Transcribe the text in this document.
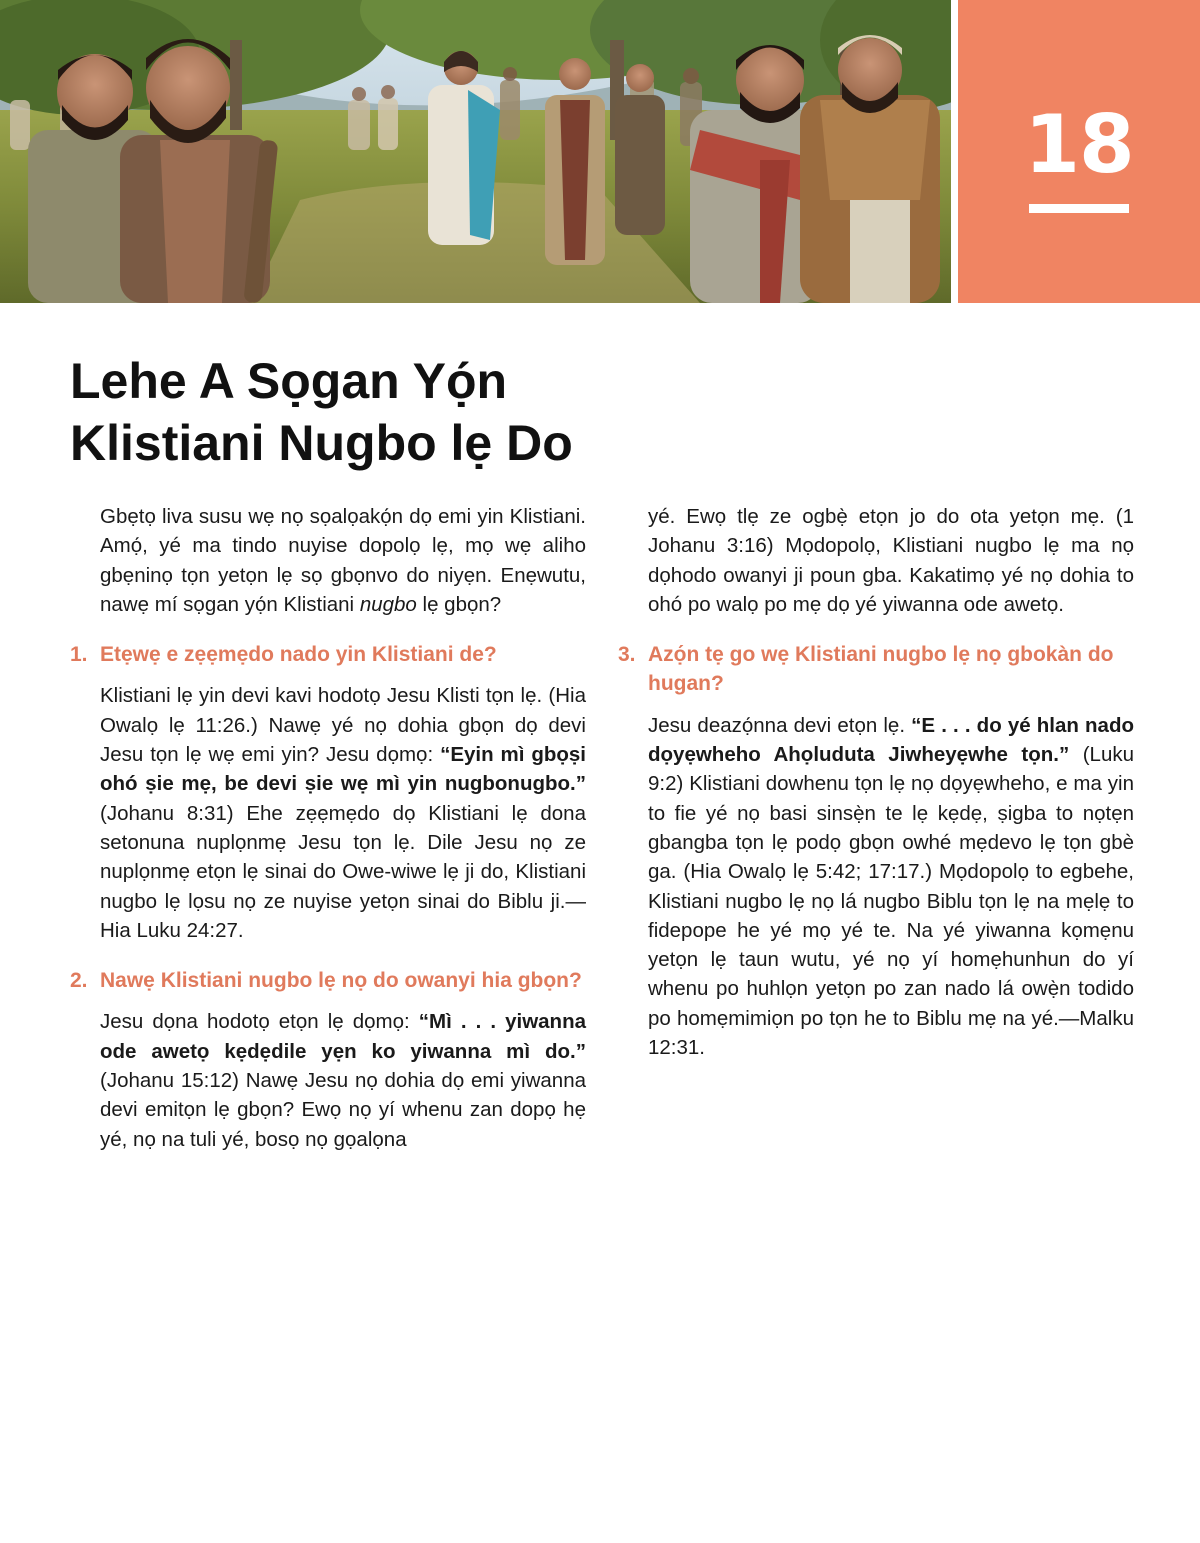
18
Lehe A Sọgan Yọ́n
Klistiani Nugbo lẹ Do

Gbẹtọ liva susu wẹ nọ sọalọakọ́n dọ emi yin Klistiani. Amọ́, yé ma tindo nuyise dopolọ lẹ, mọ wẹ aliho gbẹninọ tọn yetọn lẹ sọ gbọnvo do niyẹn. Enẹwutu, nawẹ mí sọgan yọ́n Klistiani nugbo lẹ gbọn?

1. Etẹwẹ e zẹẹmẹdo nado yin Klistiani de?

Klistiani lẹ yin devi kavi hodotọ Jesu Klisti tọn lẹ. (Hia Owalọ lẹ 11:26.) Nawẹ yé nọ dohia gbọn dọ devi Jesu tọn lẹ wẹ emi yin? Jesu dọmọ: “Eyin mì gbọṣi ohó ṣie mẹ, be devi ṣie wẹ mì yin nugbonugbo.” (Johanu 8:31) Ehe zẹẹmẹdo dọ Klistiani lẹ dona setonuna nuplọnmẹ Jesu tọn lẹ. Dile Jesu nọ ze nuplọnmẹ etọn lẹ sinai do Owe-wiwe lẹ ji do, Klistiani nugbo lẹ lọsu nọ ze nuyise yetọn sinai do Biblu ji.—Hia Luku 24:27.

2. Nawẹ Klistiani nugbo lẹ nọ do owanyi hia gbọn?

Jesu dọna hodotọ etọn lẹ dọmọ: “Mì . . . yiwanna ode awetọ kẹdẹdile yẹn ko yiwanna mì do.” (Johanu 15:12) Nawẹ Jesu nọ dohia dọ emi yiwanna devi emitọn lẹ gbọn? Ewọ nọ yí whenu zan dopọ hẹ yé, nọ na tuli yé, bosọ nọ gọalọna

yé. Ewọ tlẹ ze ogbẹ̀ etọn jo do ota yetọn mẹ. (1 Johanu 3:16) Mọdopolọ, Klistiani nugbo lẹ ma nọ dọhodo owanyi ji poun gba. Kakatimọ yé nọ dohia to ohó po walọ po mẹ dọ yé yiwanna ode awetọ.

3. Azọ́n tẹ go wẹ Klistiani nugbo lẹ nọ gbokàn do hugan?

Jesu deazọ́nna devi etọn lẹ. “E . . . do yé hlan nado dọyẹwheho Ahọluduta Jiwheyẹwhe tọn.” (Luku 9:2) Klistiani dowhenu tọn lẹ nọ dọyẹwheho, e ma yin to fie yé nọ basi sinsẹ̀n te lẹ kẹdẹ, ṣigba to nọtẹn gbangba tọn lẹ podọ gbọn owhé mẹdevo lẹ tọn gbè ga. (Hia Owalọ lẹ 5:42; 17:17.) Mọdopolọ to egbehe, Klistiani nugbo lẹ nọ lá nugbo Biblu tọn lẹ na mẹlẹ to fidepope he yé mọ yé te. Na yé yiwanna kọmẹnu yetọn lẹ taun wutu, yé nọ yí homẹhunhun do yí whenu po huhlọn yetọn po zan nado lá owẹ̀n todido po homẹmimiọn po tọn he to Biblu mẹ na yé.—Malku 12:31.
